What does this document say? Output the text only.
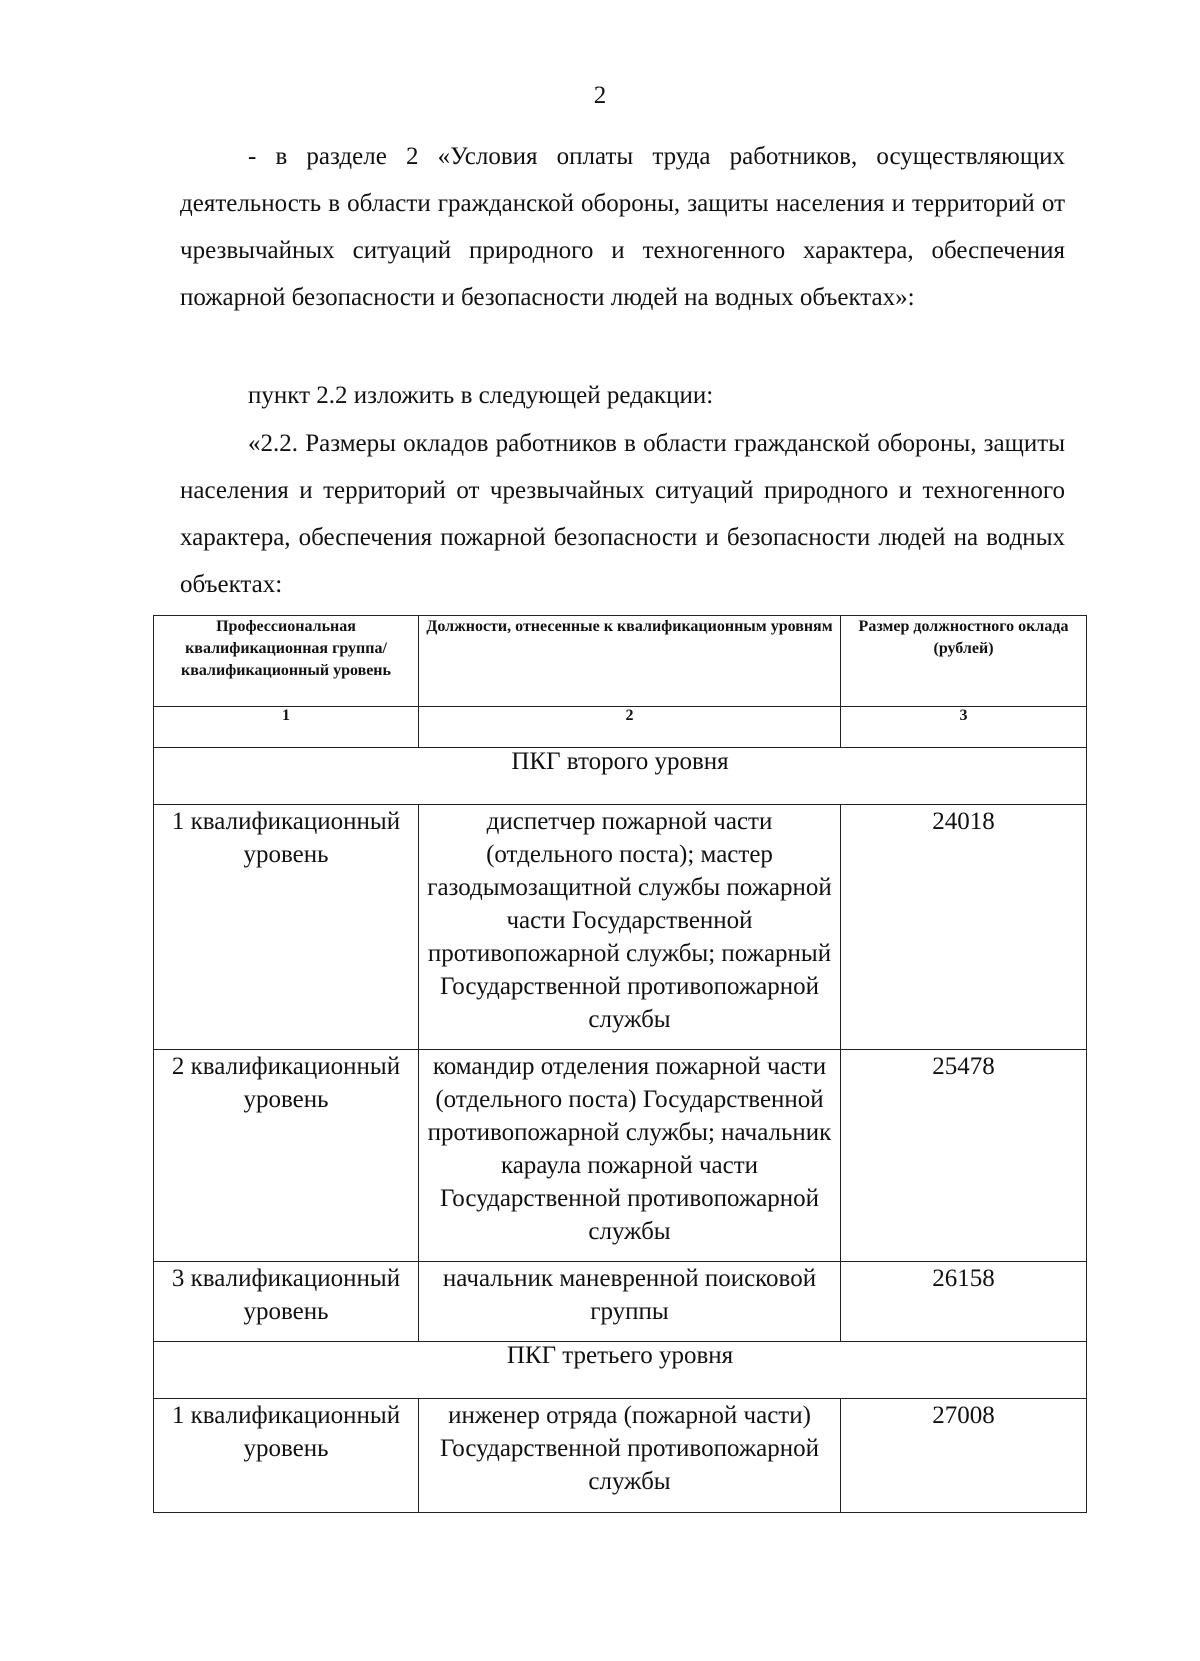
2

- в разделе 2 «Условия оплаты труда работников, осуществляющих деятельность в области гражданской обороны, защиты населения и территорий от чрезвычайных ситуаций природного и техногенного характера, обеспечения пожарной безопасности и безопасности людей на водных объектах»:

пункт 2.2 изложить в следующей редакции:

«2.2. Размеры окладов работников в области гражданской обороны, защиты населения и территорий от чрезвычайных ситуаций природного и техногенного характера, обеспечения пожарной безопасности и безопасности людей на водных объектах:

Профессиональная квалификационная группа/ квалификационный уровень	Должности, отнесенные к квалификационным уровням	Размер должностного оклада (рублей)
1	2	3
ПКГ второго уровня		
1 квалификационный уровень	диспетчер пожарной части (отдельного поста); мастер газодымозащитной службы пожарной части Государственной противопожарной службы; пожарный Государственной противопожарной службы	24018
2 квалификационный уровень	командир отделения пожарной части (отдельного поста) Государственной противопожарной службы; начальник караула пожарной части Государственной противопожарной службы	25478
3 квалификационный уровень	начальник маневренной поисковой группы	26158
ПКГ третьего уровня		
1 квалификационный уровень	инженер отряда (пожарной части) Государственной противопожарной службы	27008
